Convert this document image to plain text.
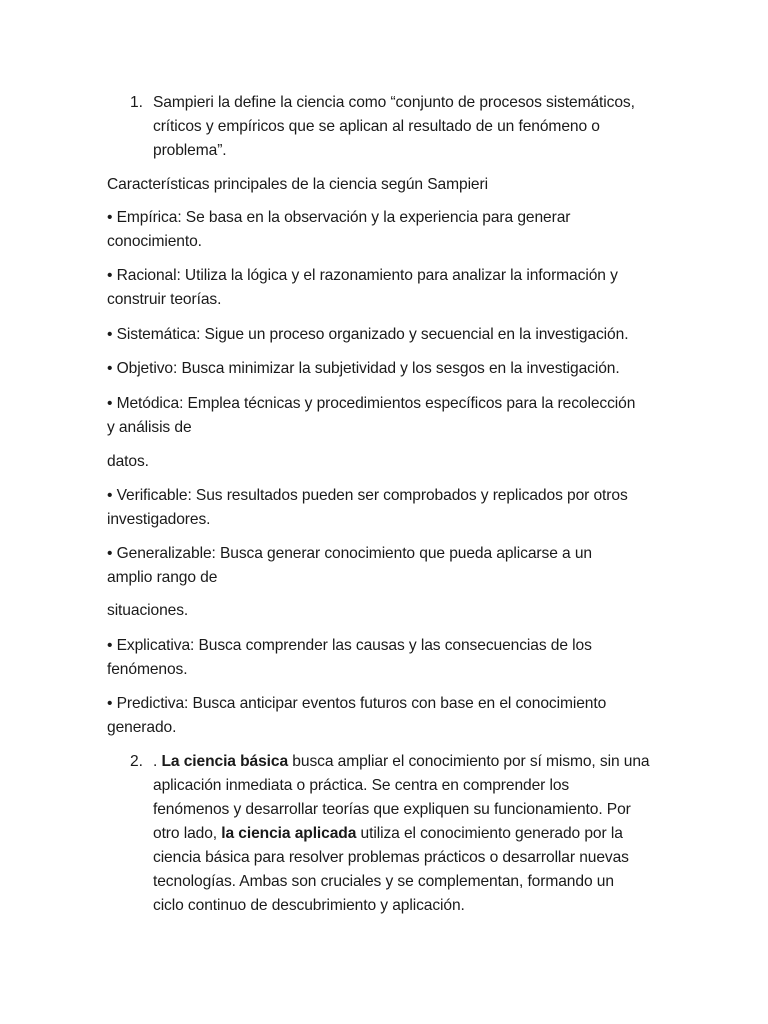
1. Sampieri la define la ciencia como “conjunto de procesos sistemáticos,
críticos y empíricos que se aplican al resultado de un fenómeno o
problema”.
Características principales de la ciencia según Sampieri
• Empírica: Se basa en la observación y la experiencia para generar
conocimiento.
• Racional: Utiliza la lógica y el razonamiento para analizar la información y
construir teorías.
• Sistemática: Sigue un proceso organizado y secuencial en la investigación.
• Objetivo: Busca minimizar la subjetividad y los sesgos en la investigación.
• Metódica: Emplea técnicas y procedimientos específicos para la recolección
y análisis de
datos.
• Verificable: Sus resultados pueden ser comprobados y replicados por otros
investigadores.
• Generalizable: Busca generar conocimiento que pueda aplicarse a un
amplio rango de
situaciones.
• Explicativa: Busca comprender las causas y las consecuencias de los
fenómenos.
• Predictiva: Busca anticipar eventos futuros con base en el conocimiento
generado.
2. . La ciencia básica busca ampliar el conocimiento por sí mismo, sin una
aplicación inmediata o práctica. Se centra en comprender los
fenómenos y desarrollar teorías que expliquen su funcionamiento. Por
otro lado, la ciencia aplicada utiliza el conocimiento generado por la
ciencia básica para resolver problemas prácticos o desarrollar nuevas
tecnologías. Ambas son cruciales y se complementan, formando un
ciclo continuo de descubrimiento y aplicación.
